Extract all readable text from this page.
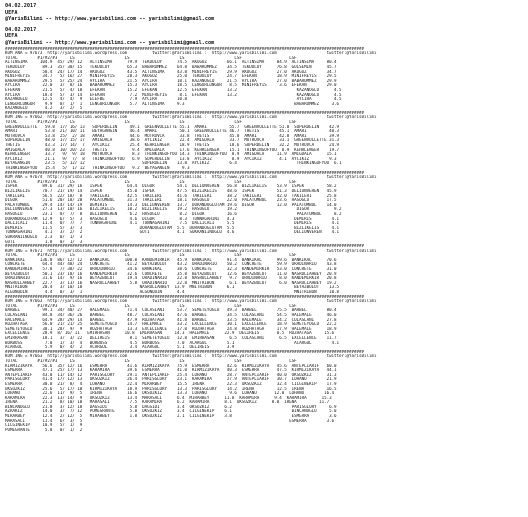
04.02.2017
UEFA
@YarisBilimi -- http://www.yarisbilimi.com -- yarisbilimi@gmail.com
04.02.2017
UEFA
@YarisBilimi -- http://www.yarisbilimi.com -- yarisbilimi@gmail.com
################################################################################################################################################
KUM ANA = 97673  http://yarisbilimi.wordpress.com          twitter:@YarisBilimi :  http://www.yarisbilimi.com                    twitter:@YarisBilimi
TOTAL        #1/#2/#3     LS                    LS                    LS                    LSF                   LSF
ALTINSIMA     104.9  45/ 29/ 12   ALTINSIMA      79.9  TEKDULUY      74.5  AKOGUZ        66.1  ALTINSIMA     84.9  ALTINSIMA     80.4
TEKDULUY       89.3  35/ 30/ 15   TEKDULUY       65.3  BABAROMMEZ    64.8  BABAROMMEZ    34.5  TEKDULUY      76.8  GULSEMIN      45.7
AKOGUZ         58.4  24/ 17/ 14   AKOGUZ         43.5  ALTINSIMA     43.8  MINIFREYIS    29.9  AKOGUZ        27.0  AKOGUZ        34.7
MINIFREYIS     34.7   5/ 16/ 27   MINIFREYIS     28.3  AKOGUZ        25.0  TEKDULUY      24.7  EFEKAN        18.9  MINIFREYIS    29.5
BABAROMMEZ     29.5   5/ 25/ 24   AYCIRA         21.5  AYCIRA        10.1  KAZANOGLU     21.5  AYCIRA        27.0  BABAROMMEZ    29.9
AYCIRA         22.0   3/  8/ 16   BABAROMMEZ     15.3  AYCIRA        18.5  LENGURLUNGUR   8.5  MINIFREYIS     3.6  EFEKAN        29.0
EFEKAN         21.5   5/  4/ 10   EFEKAN         15.2  EFEKAN        12.5  EFEKAN        13.2                        KAZANOGLU      4.5
AYCIRA         18.4   5/  3/ 14   EFEKAN          7.2  MINIFREYIS     8.1  EFEKAN        13.2                        KAZANOGLU      4.5
KAZANOGLU      12.5   4/  4/  9   ELEFBE          7.9  AYCIRA        10.8                                            AYCIRA         4.5
LENGURLUNGUR    9.9   8/  1/  1   LENGURLUNGUR    5.7  ALTINSIMA     9.3                                            BABAROMMEZ     3.6
KAZANOGLU       4.2   3/  2/  5
################################################################################################################################################
KUM ING = 97662  http://yarisbilimi.wordpress.com          twitter:@YarisBilimi :  http://www.yarisbilimi.com                    twitter:@YarisBilimi
TOTAL        #1/#2/#3     LS                    LS                    LS                    LSF                   LSF
GREENVOLLETTE   59.8  17/ 16/ 13   SUPERDELIN     49.1  GREENVOLLETTE 55.1  AMARI         55.7  GREENVOLLETTE 51.0  SUPERDELIN    42.9
AMARI           53.8  21/ 10/ 11   BEYAGANGIN     46.4  AMARI         50.1  GREENVOLLETTE 46.7  THETIS        45.1  AMARI         40.3
MUTROVCA        53.8  25/  2/ 18   AMARI          44.6  MUTROVCA      33.8  THETIS        45.0  AMARI         42.0  AMARI         39.9
SUPERDELIN      48.0  17/ 15/ 17   AMIGDALA       38.6  AYCIKIZ       22.4  AMIGDALA      33.7  MUTROVCA      33.1  GREENVOLLETTE 31.3
THETIS          43.3  17/ 14/  7   AYCIKIZ        25.4  KEHRLENGER    18.9  THETIS        18.6  SUPERDELIN    32.2  MUTROVCA      24.9
AMIGDALA        40.8  10/ 20/ 23   THETIS          9.4  AMIGDALA      17.6  KEHRLENGER    15.1  THINKINGOFYOU  8.9  KEHRLENGER    19.7
KEHRLENGER      33.7   9/  9/ 18   MUTROVCA        8.3  THINKINGOFYOU 14.3  THINKINGOFYOU  8.9  AMIGDALA     11.9  AMIGDALA      15.1
AYCIKIZ         21.1   9/  7/  8   THINKINGOFYOU   6.9  SUPERDELIN    13.8  AYCIKIZ        8.9  AYCIKIZ       4.1  AYCIKIZ        9.3
BEYAGANGIN      23.5   5/ 12/ 12                       SUPERDELIN    13.8  AYCIKIZ        6.4                        THINKINGOFYOU  6.1
THINKINGOFYOU   15.4   5/  1/ 12   THINKINGOFYOU   9.2  BEYAGANGIN     9.3
################################################################################################################################################
KUM ANA = 97674  http://yarisbilimi.wordpress.com          twitter:@YarisBilimi :  http://www.yarisbilimi.com                    twitter:@YarisBilimi
TOTAL        #1/#2/#3     LS                    LS                    LS                    LSF                   LSF
ISPEK          89.6  31/ 29/ 16   ISPEK          64.4  DIGOR         54.1  DELIUNVEREN   56.8  BIZLIKELIS    53.9  ISPEK         58.2
BIZLIKELIS     70.7  21/ 19/ 14   ISPEK          45.0  ISPEK         47.5  BIZLIKELIS    48.6  ISPEK         51.3  DELIUNVEREN   45.9
TAKILERI       56.5  22/ 18/  8   TAKILERI       42.5  TAKILERI      41.6  TAKILERI      38.2  TAKILERI      42.0  TAKILERI      25.8
DIGOR          51.6  20/ 18/ 20   PALATUMBUL     31.3  TAKILERI      18.1  HASOGLU       22.0  PALATUMBUL    23.6  HASOGLU       17.5
PALATUMBUL     29.4  14/ 14/ 19   DEMIRIS        14.3  DELIUNVEREN   13.7  DORANDOGLUTAM 19.6  DIGOR         12.0  PALATUMBUL    14.0
DELIUNVEREN    27.3  13/ 10/ 16   BIZLIKELIS     10.2  BIZLIKELIS    19.2  HASOGLU       19.2                        DIGOR          9.2
HASOGLU        23.1   8/  7/  8   DELIUNVEREN     6.2  HASOGLU        8.2  DIGOR         16.6                        PALATUMBUL     8.2
DORANDOGLUTAM  12.9   6/  5/  3   HASOGLU         4.6  DIGOR          8.3  TUNNAGAHINI   4.3                        DEMIRIS        4.1
DALLICALI      11.4   0/  7/  7   TUNNAGAHINI     4.1  TUNNAGAHINI    7.5  DALLICALI     5.5                        DEMIRIS        4.1
DEMIRIS        11.5   5/  3/  3                       DORANDOGLUTAM  5.5  DORANDOGLUTAM  5.5                        BIZLIKELIS     4.1
TUNNAGAHINI     4.1   3/  2/  2                       GUTI           4.1  SUKRANIINOGLU  4.6                        DELIUNVEREN    4.1
SUKRANIINOGLU   2.3   0/  1/  3
GUTI            1.8   0/  1/  3
################################################################################################################################################
KUM ING = 97671  http://yarisbilimi.wordpress.com          twitter:@YarisBilimi :  http://www.yarisbilimi.com                    twitter:@YarisBilimi
TOTAL        #1/#2/#3     LS                    LS                    LS                    LSF                   LSF
BANKIKAL      136.0  86/ 12/ 12   BANKIKAL      100.0  KANDEMIRKIR   45.9  BANKIKAL      91.4  BANKIKAL      99.6  BANKIKAL      70.6
CONCRETE       64.4  44/ 48/ 24   CONCRETE       41.2  BEYAZBULUT    43.2  ORADINARIO    50.2  CONCRETE      59.9  ORADINARIO    43.8
KANDEMIRKIR    57.8   7/ 38/ 22   ORADINARIO     34.6  BANKIKAL      38.6  CONCRETE      32.3  KANDEMIRKIR   53.0  CONCRETE      31.0
BEYAZBULUT     50.1  23/ 18/ 16   KANDEMIRKIR    32.6  CONCRETE      35.8  BEYAZBULUT    12.6  BEYAZBULUT    11.0  NASRULLAHBEY  20.9
ORADINARIO     31.6  14/  9/ 16   BEYAZBULUT     19.4  ORADINARIO    22.8  NASRULLAHBEY   9.7  ORADINARIO     8.0  KANDEMIRKIR   20.8
NASRULLAHBEY   22.7   3/ 13/ 16   NASRULLAHBEY    5.8  ORADINARIO    22.8  MNITRIBON      6.1  BEYAZBULUT     6.0  NASRULLAHBEY  19.2
MNITRIBON      20.4   3/ 10/ 18                       NASRULLAHBEY  13.9  MNITRIBON      6.1                        BEYAZBULUT    13.5
ALGONQUIN       4.4   0/  3/  1                       ALGONQUIN      4.4                                            MNITRIBON     10.8
################################################################################################################################################
KUM ING = 97663  http://yarisbilimi.wordpress.com          twitter:@YarisBilimi :  http://www.yarisbilimi.com                    twitter:@YarisBilimi
TOTAL        #1/#2/#3     LS                    LS                    LS                    LSF                   LSF
BARBEL         99.1  34/ 40/ 27   HALEMALE       71.4  CULASLANI     53.7  SEMETEYOGLU   49.3  BARBEL        75.5  BARBEL        80.4
CULASLANI      84.8  34/ 36/ 26   BARBEL         48.7  CULASLANI     47.6  BARBEL        34.5  CULASLANI     54.5  HALEMALE      46.0
HALEMALE       64.9  28/ 29/ 14   BARBEL         47.9  ROZHATAGA     41.8  BARBEL        33.5  HALEMALE      34.2  CULASLANI     27.8
ROZHATAGA      56.0  21/ 21/ 25   SEMETEYOGLU    14.7  HALEMALE      33.2  EXCELLENCE    30.1  EXCELLENCE    18.9  SEMETEYOGLU   22.2
SEMETEYOGLU    38.1  28/  9/  9   ROZHATAGA      13.3  EXCELLENCE    17.0  ROZHATAGA     24.8  ROZHATAGA     17.9  HALEMALE      18.9
EXCELLENCE     28.9  8/ 16/ 11   EMIRHASAN      10.8  EMIRHASAN     14.3  HALEMALE      22.9  DELIREIS       8.5  ROZHATAGA     15.6
EMIRHASAN      18.1   3/  3/ 22   DELIREIS        8.1  SEMETEYOGLU   12.8  EMIRHASAN      6.5  CULASLANI      6.5  EXCELLENCE    11.7
BORBOSS         7.0   1/  3/  4   BORBOSS         4.5  BORBOSS       7.0  ACARGUL        5.1                        ACARGUL        4.1
ACARGUL         5.9   0/  4/  2   ACARGUL         3.4  ACARGUL       5.1  DELIREIS       3.9
################################################################################################################################################
KUM ING = 97663  http://yarisbilimi.wordpress.com          twitter:@YarisBilimi :  http://www.yarisbilimi.com                    twitter:@YarisBilimi
TOTAL        #1/#2/#3     LS                    LS                    LS                    LSF                   LSF
KIRMIZIKAYA    56.6  35/ 12/ 16   ESMERRA        41.6  KIRMIZIKAYA   75.9  ESMERRA       42.6  KIRMIZIKAYA   45.6  ANTEPLIARIF   60.0
ESMERRA        47.1  25/ 17/ 13   KARAMIRA       39.6  ESMERRA       41.0  KIRMIZIKAYA   40.3  ESMERRA       47.5  KIRMIZIKAYA   44.1
ANTEPLIARIF    43.0  11/ 14/ 12   PARISGLORY     29.1  ANTEPLIARIF   25.4  LOHANO        28.7  ANTEPLIARIF   40.0  OKSUZKIZ      31.3
PARISGLORY     41.4  17/ 12/ 13   OKSUZKIZ       26.4  PARISGLORY    23.1  KARAMIRA      27.9  ANTEPLIARIF   30.7  LOHANO        21.9
ESMERRA        30.0  21/  8/  4   LOHANO         22.4  MIRARBEY      15.5  IRENA         22.3  OKSUZKIZ      32.4  CILGINEKIP    17.9
OKSUZKIZ       25.6   5/ 17/ 18   KIRMIZIKAYA    18.9  PARISGLORY    13.3  PARISGLORY    14.2  IRENA         12.5  IRENA         16.5
LOHANO         22.6  11/  9/  5   IRENA          16.6  OKSUZKIZ      13.3  LOHANO         9.6  LOHANO       12.0  LOHANO        16.4
KARAMIRA       22.3  13/ 14/  9   OKSUZKIZ       13.4  MARASALI      6.4  MIRARBEY      11.8  KARAMIRA      9.4  KARAMIRA      15.3
IRENA          21.2   8/ 10/ 10   MARASALI        7.5  KARAMIRA      6.2  KARAMIRA      8.1  OKSUZKIZ      8.8  IRENA         11.7
BINCANOGLU     21.8   3/ 12/ 18   DAGSIDI         5.8  DAGSIDI       3.4  OKSUZKIZ      6.2                        PARISGLORY     6.9
AZRAKIZ        14.0   3/  7/ 12   POMEGRANTE      5.8  OKSUZKIZ      3.4  CILGINEKIP    6.1                        BINCANOGLU     5.0
MIRARBEY       12.4   2/ 12/  5   MIRARBEY        1.8  OKSUZKIZ      2.1  CILGINEKIP    3.8                        ESMERRA        3.6
MARASALI       11.4   6/  3/  5                                                                                   ESMERRA        3.6
CILGINEKIP     10.9   5/  1/  9
POMEGRANTE      5.8   0/  1/  2
